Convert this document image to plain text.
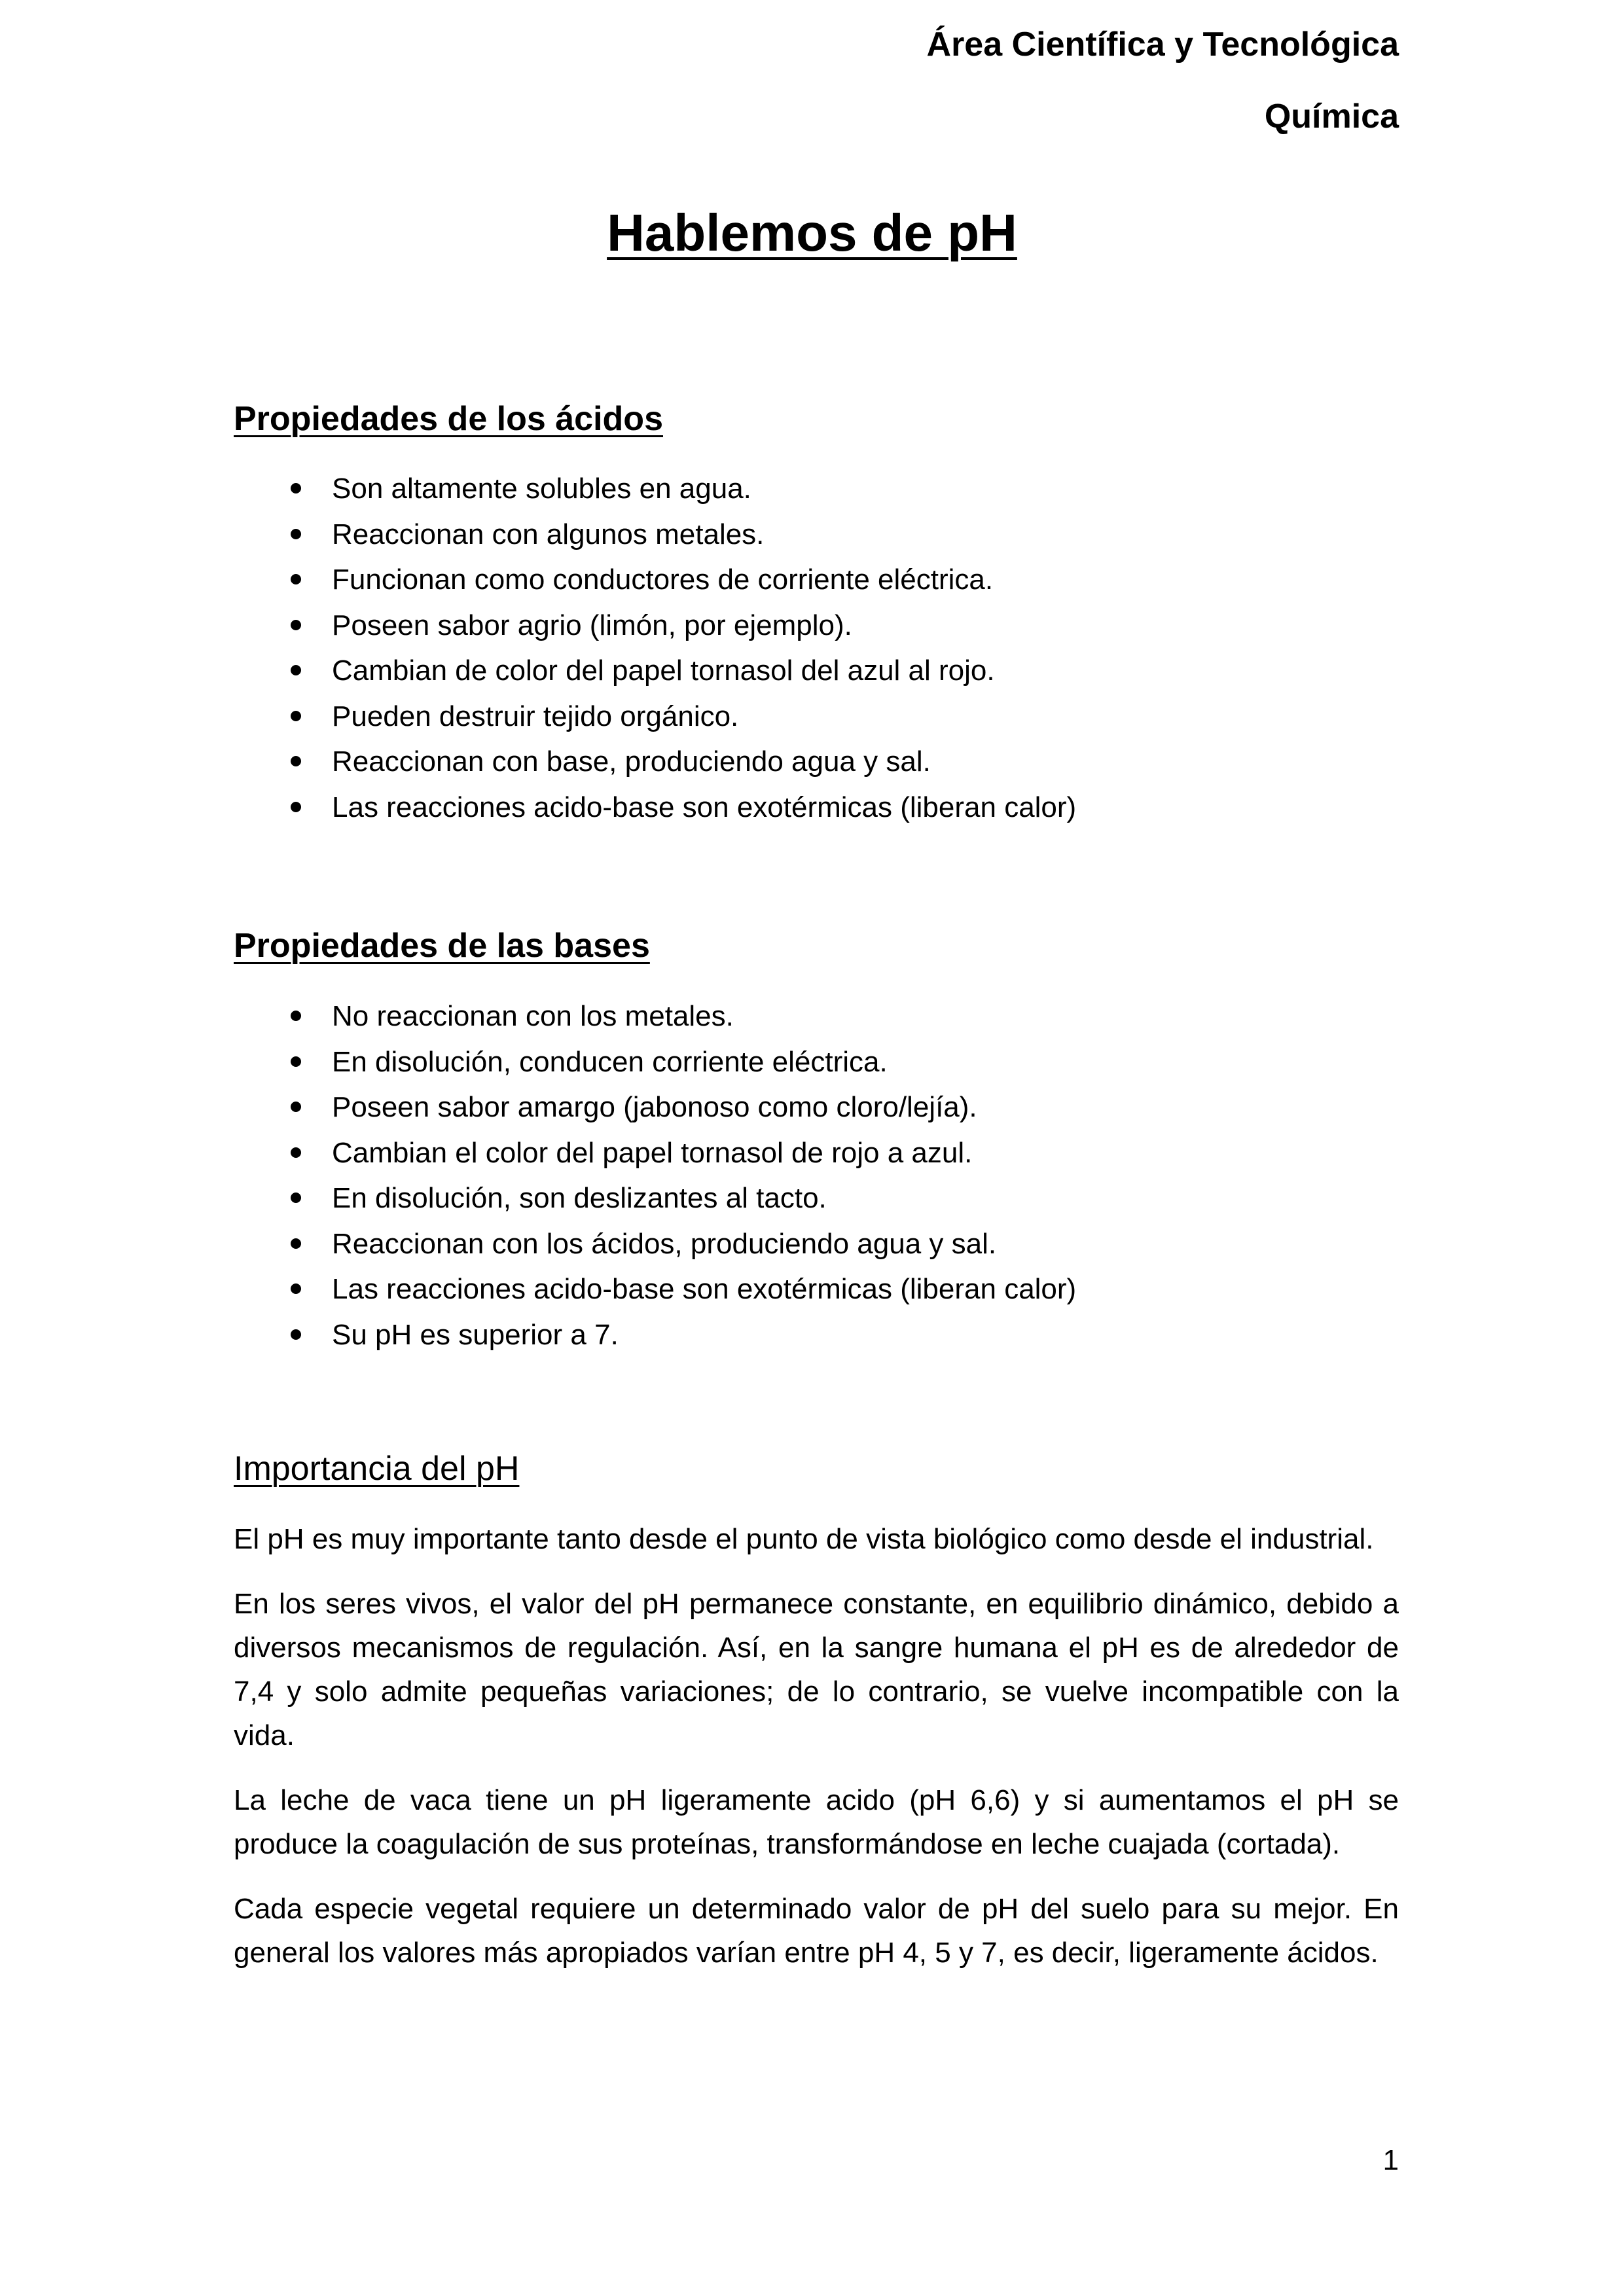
Área Científica y Tecnológica
Química
Hablemos de pH
Propiedades de los ácidos
Son altamente solubles en agua.
Reaccionan con algunos metales.
Funcionan como conductores de corriente eléctrica.
Poseen sabor agrio (limón, por ejemplo).
Cambian de color del papel tornasol del azul al rojo.
Pueden destruir tejido orgánico.
Reaccionan con base, produciendo agua y sal.
Las reacciones acido-base son exotérmicas (liberan calor)
Propiedades de las bases
No reaccionan con los metales.
En disolución, conducen corriente eléctrica.
Poseen sabor amargo (jabonoso como cloro/lejía).
Cambian el color del papel tornasol de rojo a azul.
En disolución, son deslizantes al tacto.
Reaccionan con los ácidos, produciendo agua y sal.
Las reacciones acido-base son exotérmicas (liberan calor)
Su pH es superior a 7.
Importancia del pH

El pH es muy importante tanto desde el punto de vista biológico como desde el industrial.

En los seres vivos, el valor del pH permanece constante, en equilibrio dinámico, debido a diversos mecanismos de regulación. Así, en la sangre humana el pH es de alrededor de 7,4 y solo admite pequeñas variaciones; de lo contrario, se vuelve incompatible con la vida.

La leche de vaca tiene un pH ligeramente acido (pH 6,6) y si aumentamos el pH se produce la coagulación de sus proteínas, transformándose en leche cuajada (cortada).

Cada especie vegetal requiere un determinado valor de pH del suelo para su mejor. En general los valores más apropiados varían entre pH 4, 5 y 7, es decir, ligeramente ácidos.

1
